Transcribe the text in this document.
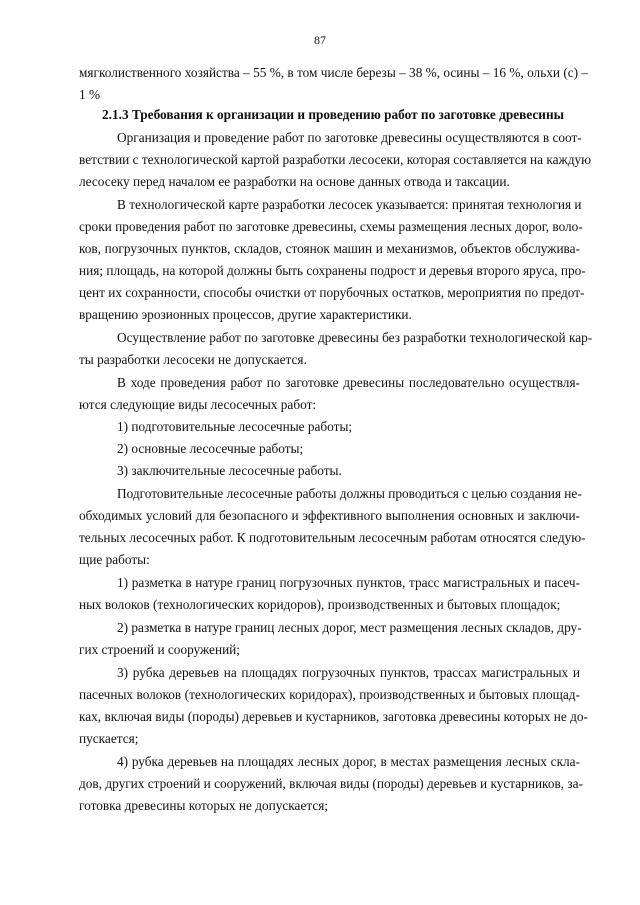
87
мягколиственного хозяйства – 55 %, в том числе березы – 38 %, осины – 16 %, ольхи (с) –
1 %
2.1.3 Требования к организации и проведению работ по заготовке древесины
Организация и проведение работ по заготовке древесины осуществляются в соот-
ветствии с технологической картой разработки лесосеки, которая составляется на каждую
лесосеку перед началом ее разработки на основе данных отвода и таксации.
В технологической карте разработки лесосек указывается: принятая технология и
сроки проведения работ по заготовке древесины, схемы размещения лесных дорог, воло-
ков, погрузочных пунктов, складов, стоянок машин и механизмов, объектов обслужива-
ния; площадь, на которой должны быть сохранены подрост и деревья второго яруса, про-
цент их сохранности, способы очистки от порубочных остатков, мероприятия по предот-
вращению эрозионных процессов, другие характеристики.
Осуществление работ по заготовке древесины без разработки технологической кар-
ты разработки лесосеки не допускается.
В ходе проведения работ по заготовке древесины последовательно осуществля-
ются следующие виды лесосечных работ:
1) подготовительные лесосечные работы;
2) основные лесосечные работы;
3) заключительные лесосечные работы.
Подготовительные лесосечные работы должны проводиться с целью создания не-
обходимых условий для безопасного и эффективного выполнения основных и заключи-
тельных лесосечных работ. К подготовительным лесосечным работам относятся следую-
щие работы:
1) разметка в натуре границ погрузочных пунктов, трасс магистральных и пасеч-
ных волоков (технологических коридоров), производственных и бытовых площадок;
2) разметка в натуре границ лесных дорог, мест размещения лесных складов, дру-
гих строений и сооружений;
3) рубка деревьев на площадях погрузочных пунктов, трассах магистральных и
пасечных волоков (технологических коридорах), производственных и бытовых площад-
ках, включая виды (породы) деревьев и кустарников, заготовка древесины которых не до-
пускается;
4) рубка деревьев на площадях лесных дорог, в местах размещения лесных скла-
дов, других строений и сооружений, включая виды (породы) деревьев и кустарников, за-
готовка древесины которых не допускается;
